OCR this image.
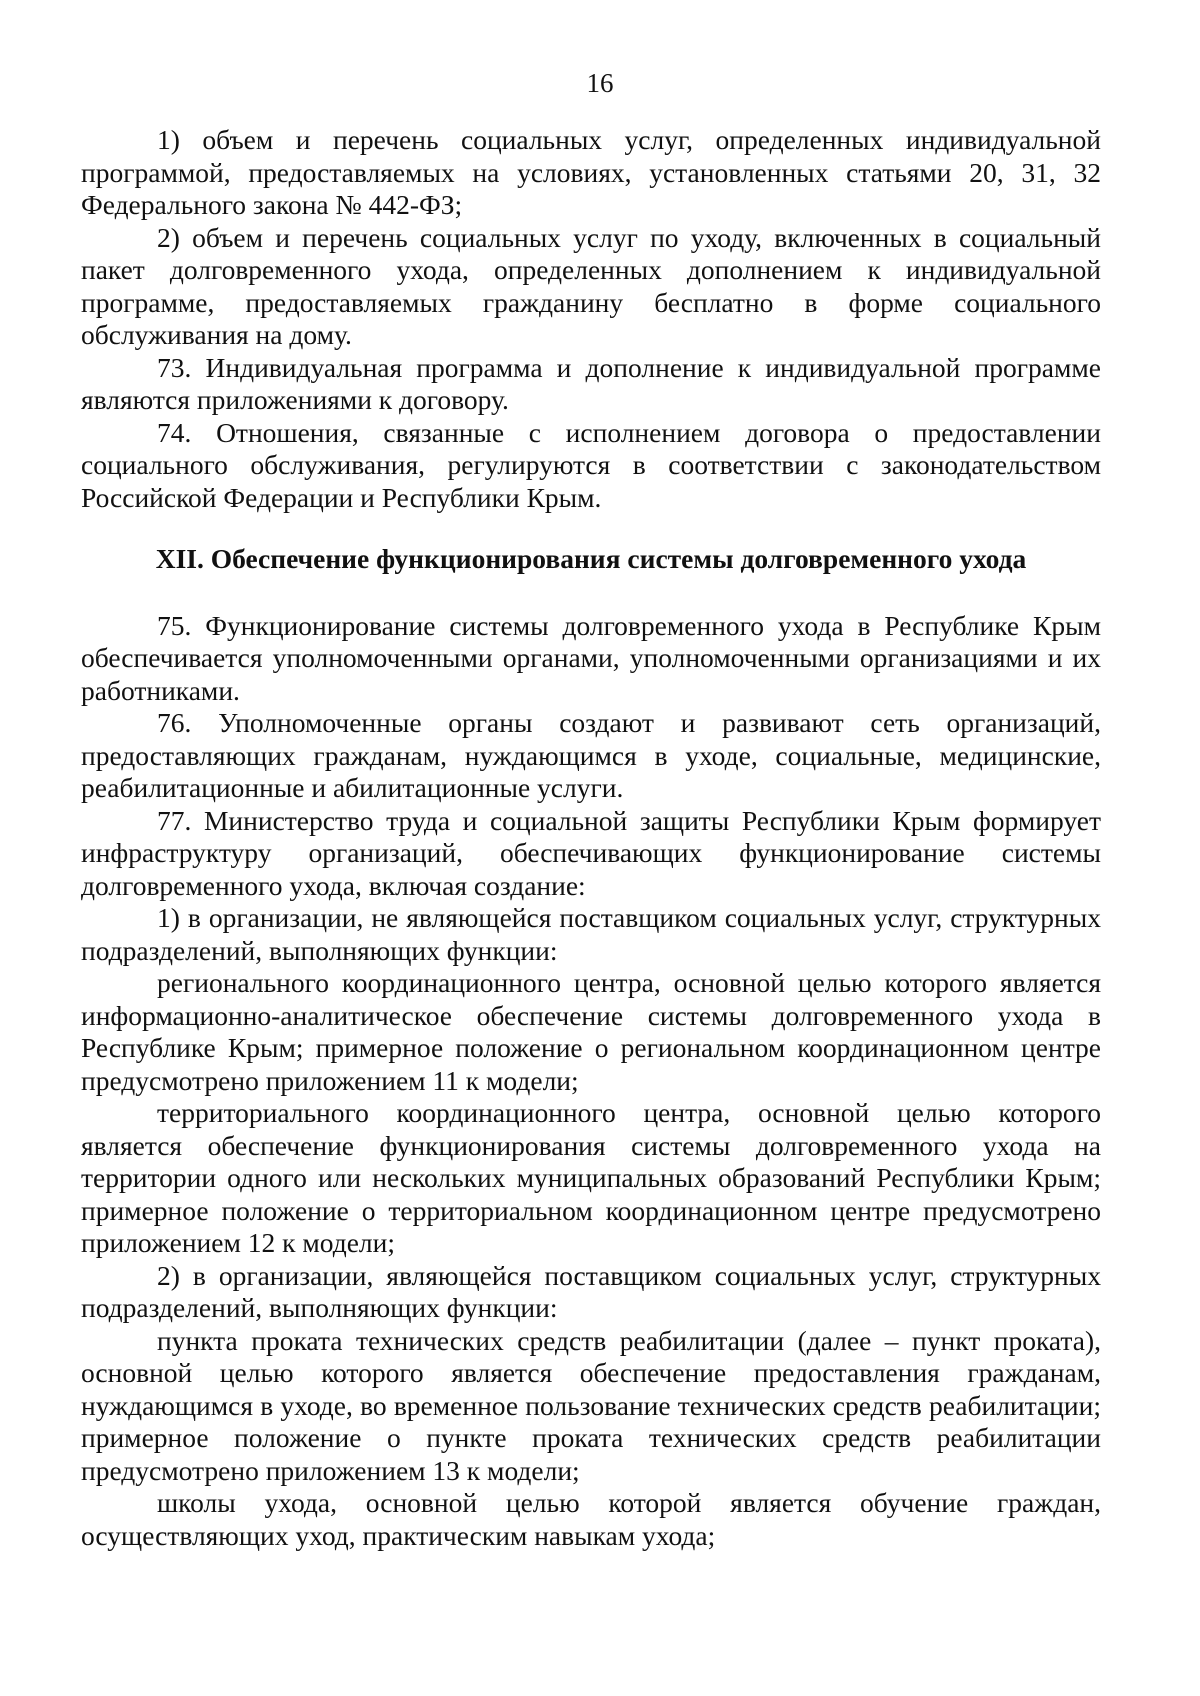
16

1) объем и перечень социальных услуг, определенных индивидуальной программой, предоставляемых на условиях, установленных статьями 20, 31, 32 Федерального закона № 442-ФЗ;

2) объем и перечень социальных услуг по уходу, включенных в социальный пакет долговременного ухода, определенных дополнением к индивидуальной программе, предоставляемых гражданину бесплатно в форме социального обслуживания на дому.

73. Индивидуальная программа и дополнение к индивидуальной программе являются приложениями к договору.

74. Отношения, связанные с исполнением договора о предоставлении социального обслуживания, регулируются в соответствии с законодательством Российской Федерации и Республики Крым.

XII. Обеспечение функционирования системы долговременного ухода

75. Функционирование системы долговременного ухода в Республике Крым обеспечивается уполномоченными органами, уполномоченными организациями и их работниками.

76. Уполномоченные органы создают и развивают сеть организаций, предоставляющих гражданам, нуждающимся в уходе, социальные, медицинские, реабилитационные и абилитационные услуги.

77. Министерство труда и социальной защиты Республики Крым формирует инфраструктуру организаций, обеспечивающих функционирование системы долговременного ухода, включая создание:

1) в организации, не являющейся поставщиком социальных услуг, структурных подразделений, выполняющих функции:

регионального координационного центра, основной целью которого является информационно-аналитическое обеспечение системы долговременного ухода в Республике Крым; примерное положение о региональном координационном центре предусмотрено приложением 11 к модели;

территориального координационного центра, основной целью которого является обеспечение функционирования системы долговременного ухода на территории одного или нескольких муниципальных образований Республики Крым; примерное положение о территориальном координационном центре предусмотрено приложением 12 к модели;

2) в организации, являющейся поставщиком социальных услуг, структурных подразделений, выполняющих функции:

пункта проката технических средств реабилитации (далее – пункт проката), основной целью которого является обеспечение предоставления гражданам, нуждающимся в уходе, во временное пользование технических средств реабилитации; примерное положение о пункте проката технических средств реабилитации предусмотрено приложением 13 к модели;

школы ухода, основной целью которой является обучение граждан, осуществляющих уход, практическим навыкам ухода;
